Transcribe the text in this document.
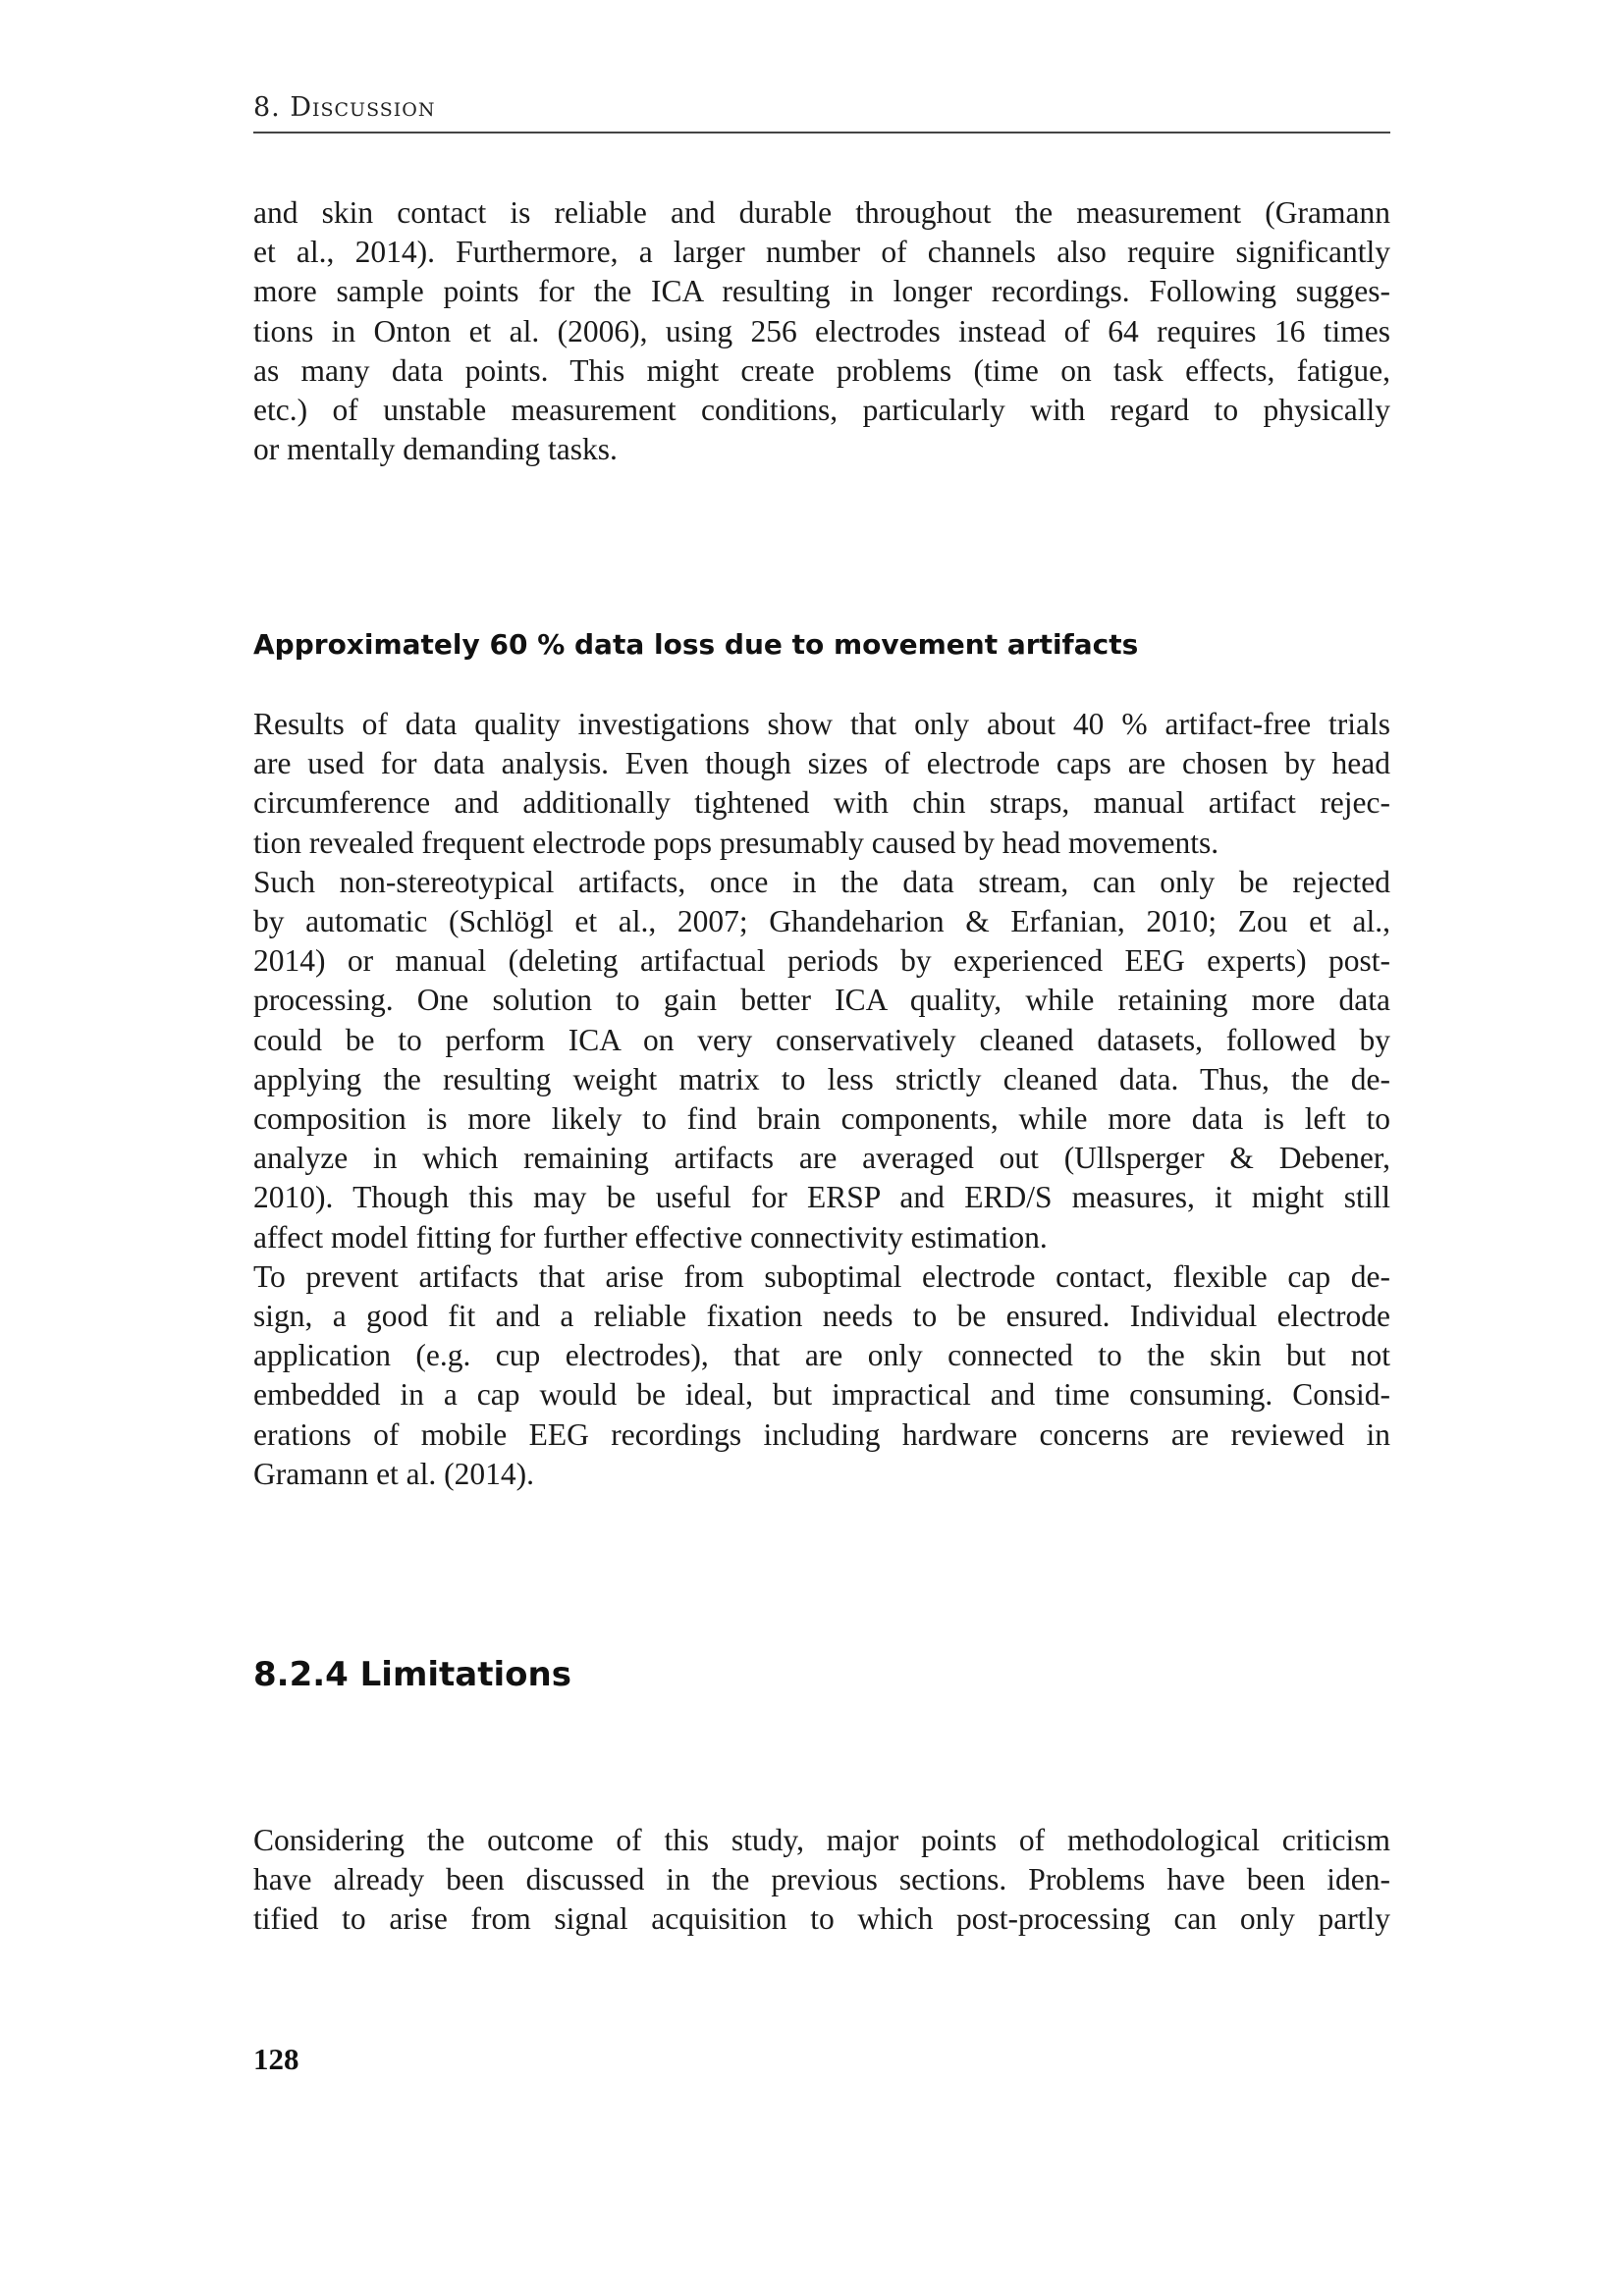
8. Discussion
and skin contact is reliable and durable throughout the measurement (Gramann
et al., 2014). Furthermore, a larger number of channels also require significantly
more sample points for the ICA resulting in longer recordings. Following sugges-
tions in Onton et al. (2006), using 256 electrodes instead of 64 requires 16 times
as many data points. This might create problems (time on task effects, fatigue,
etc.) of unstable measurement conditions, particularly with regard to physically
or mentally demanding tasks.
Approximately 60 % data loss due to movement artifacts
Results of data quality investigations show that only about 40 % artifact-free trials
are used for data analysis. Even though sizes of electrode caps are chosen by head
circumference and additionally tightened with chin straps, manual artifact rejec-
tion revealed frequent electrode pops presumably caused by head movements.
Such non-stereotypical artifacts, once in the data stream, can only be rejected
by automatic (Schlögl et al., 2007; Ghandeharion & Erfanian, 2010; Zou et al.,
2014) or manual (deleting artifactual periods by experienced EEG experts) post-
processing. One solution to gain better ICA quality, while retaining more data
could be to perform ICA on very conservatively cleaned datasets, followed by
applying the resulting weight matrix to less strictly cleaned data. Thus, the de-
composition is more likely to find brain components, while more data is left to
analyze in which remaining artifacts are averaged out (Ullsperger & Debener,
2010). Though this may be useful for ERSP and ERD/S measures, it might still
affect model fitting for further effective connectivity estimation.
To prevent artifacts that arise from suboptimal electrode contact, flexible cap de-
sign, a good fit and a reliable fixation needs to be ensured. Individual electrode
application (e.g. cup electrodes), that are only connected to the skin but not
embedded in a cap would be ideal, but impractical and time consuming. Consid-
erations of mobile EEG recordings including hardware concerns are reviewed in
Gramann et al. (2014).
8.2.4 Limitations
Considering the outcome of this study, major points of methodological criticism
have already been discussed in the previous sections. Problems have been iden-
tified to arise from signal acquisition to which post-processing can only partly
128
